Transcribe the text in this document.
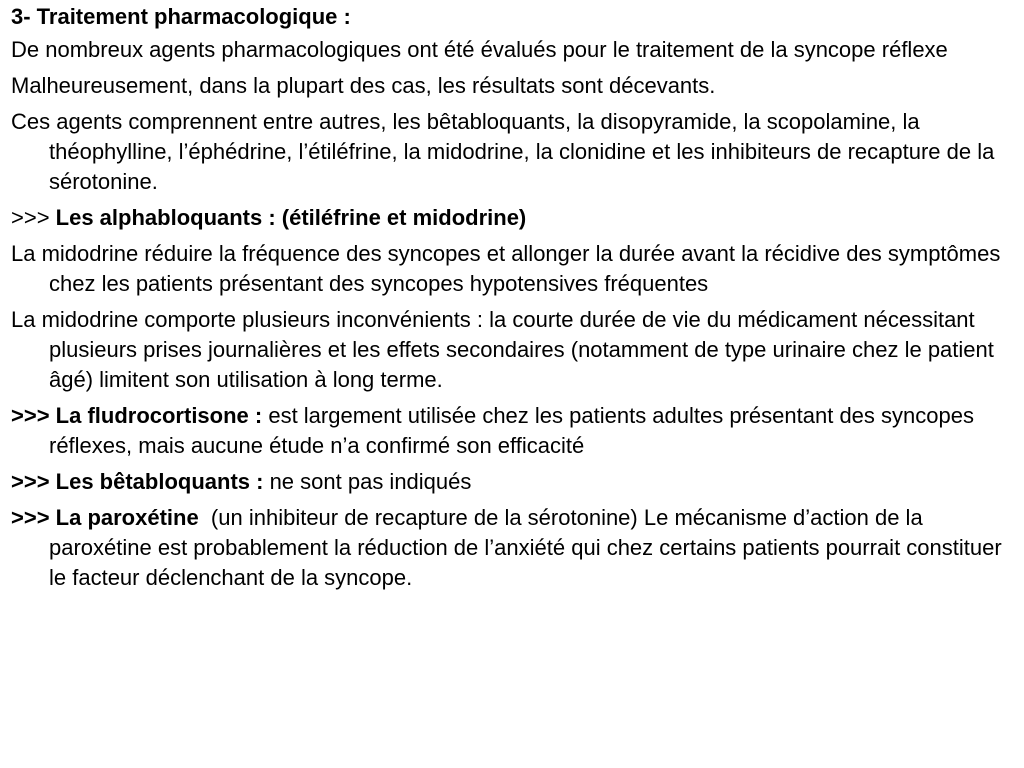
3- Traitement pharmacologique :

De nombreux agents pharmacologiques ont été évalués pour le traitement de la syncope réflexe

Malheureusement, dans la plupart des cas, les résultats sont décevants.

Ces agents comprennent entre autres, les bêtabloquants, la disopyramide, la scopolamine, la théophylline, l’éphédrine, l’étiléfrine, la midodrine, la clonidine et les inhibiteurs de recapture de la sérotonine.

>>> Les alphabloquants : (étiléfrine et midodrine)

La midodrine réduire la fréquence des syncopes et allonger la durée avant la récidive des symptômes chez les patients présentant des syncopes hypotensives fréquentes

La midodrine comporte plusieurs inconvénients : la courte durée de vie du médicament nécessitant plusieurs prises journalières et les effets secondaires (notamment de type urinaire chez le patient âgé) limitent son utilisation à long terme.

>>> La fludrocortisone : est largement utilisée chez les patients adultes présentant des syncopes réflexes, mais aucune étude n’a confirmé son efficacité

>>> Les bêtabloquants : ne sont pas indiqués

>>> La paroxétine  (un inhibiteur de recapture de la sérotonine) Le mécanisme d’action de la paroxétine est probablement la réduction de l’anxiété qui chez certains patients pourrait constituer le facteur déclenchant de la syncope.
